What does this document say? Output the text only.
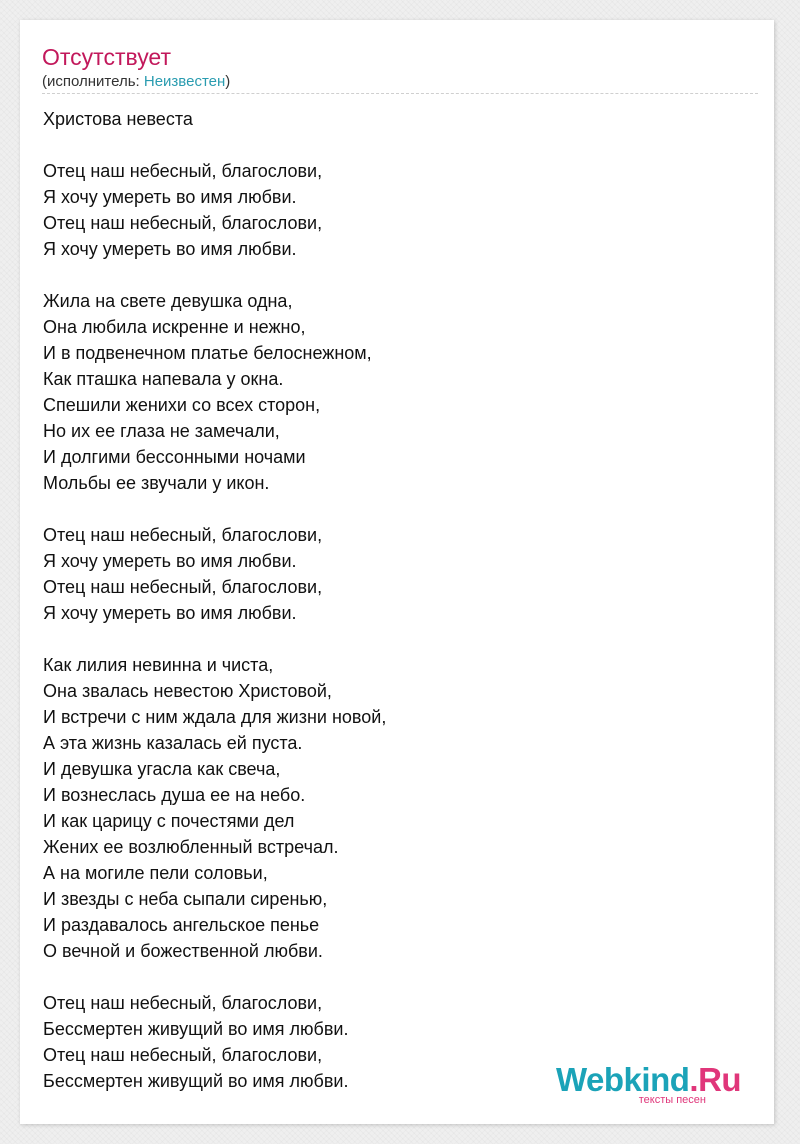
Отсутствует
(исполнитель: Неизвестен)
Христова невеста
Отец наш небесный, благослови,
Я хочу умереть во имя любви.
Отец наш небесный, благослови,
Я хочу умереть во имя любви.
Жила на свете девушка одна,
Она любила искренне и нежно,
И в подвенечном платье белоснежном,
Как пташка напевала у окна.
Спешили женихи со всех сторон,
Но их ее глаза не замечали,
И долгими бессонными ночами
Мольбы ее звучали у икон.
Отец наш небесный, благослови,
Я хочу умереть во имя любви.
Отец наш небесный, благослови,
Я хочу умереть во имя любви.
Как лилия невинна и чиста,
Она звалась невестою Христовой,
И встречи с ним ждала для жизни новой,
А эта жизнь казалась ей пуста.
И девушка угасла как свеча,
И вознеслась душа ее на небо.
И как царицу с почестями дел
Жених ее возлюбленный встречал.
А на могиле пели соловьи,
И звезды с неба сыпали сиренью,
И раздавалось ангельское пенье
О вечной и божественной любви.
Отец наш небесный, благослови,
Бессмертен живущий во имя любви.
Отец наш небесный, благослови,
Бессмертен живущий во имя любви.	Webkind.Ru
тексты песен
